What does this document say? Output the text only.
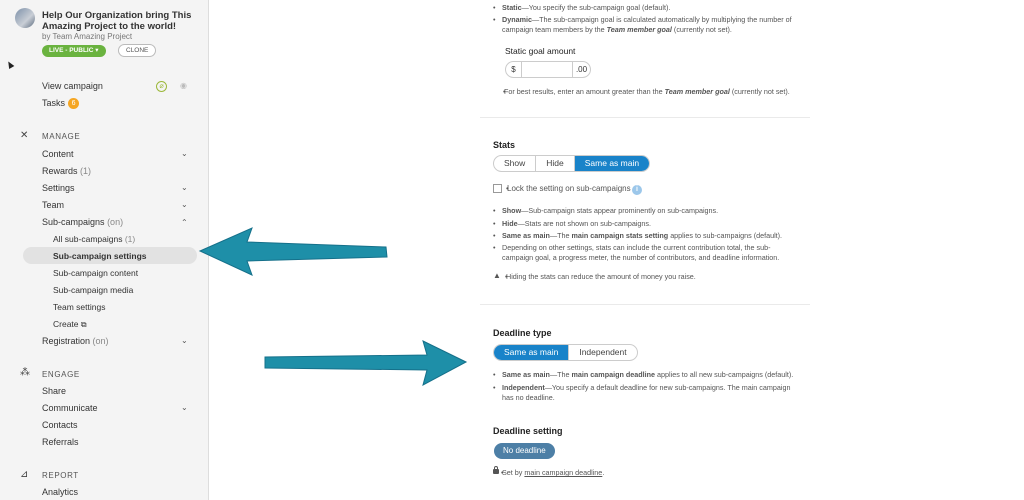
Help Our Organization bring This Amazing Project to the world!
by Team Amazing Project
LIVE - PUBLIC ▾	CLONE
View campaign	⌀	◉
Tasks 6
✕ MANAGE
Content	⌄
Rewards (1)
Settings	⌄
Team	⌄
Sub-campaigns (on)	⌃
All sub-campaigns (1)
Sub-campaign settings
Sub-campaign content
Sub-campaign media
Team settings
Create ⧉
Registration (on)	⌄
⁂ ENGAGE
Share
Communicate	⌄
Contacts
Referrals
⊿ REPORT
Analytics
• Static—You specify the sub-campaign goal (default).
• Dynamic—The sub-campaign goal is calculated automatically by multiplying the number of campaign team members by the Team member goal (currently not set).
Static goal amount
$	.00
• For best results, enter an amount greater than the Team member goal (currently not set).
Stats
Show	Hide	Same as main
• Lock the setting on sub-campaigns i
• Show—Sub-campaign stats appear prominently on sub-campaigns.
• Hide—Stats are not shown on sub-campaigns.
• Same as main—The main campaign stats setting applies to sub-campaigns (default).
• Depending on other settings, stats can include the current contribution total, the sub-campaign goal, a progress meter, the number of contributors, and deadline information.
▲
• Hiding the stats can reduce the amount of money you raise.
Deadline type
Same as main	Independent
• Same as main—The main campaign deadline applies to all new sub-campaigns (default).
• Independent—You specify a default deadline for new sub-campaigns. The main campaign has no deadline.
Deadline setting
No deadline
• Set by main campaign deadline.
